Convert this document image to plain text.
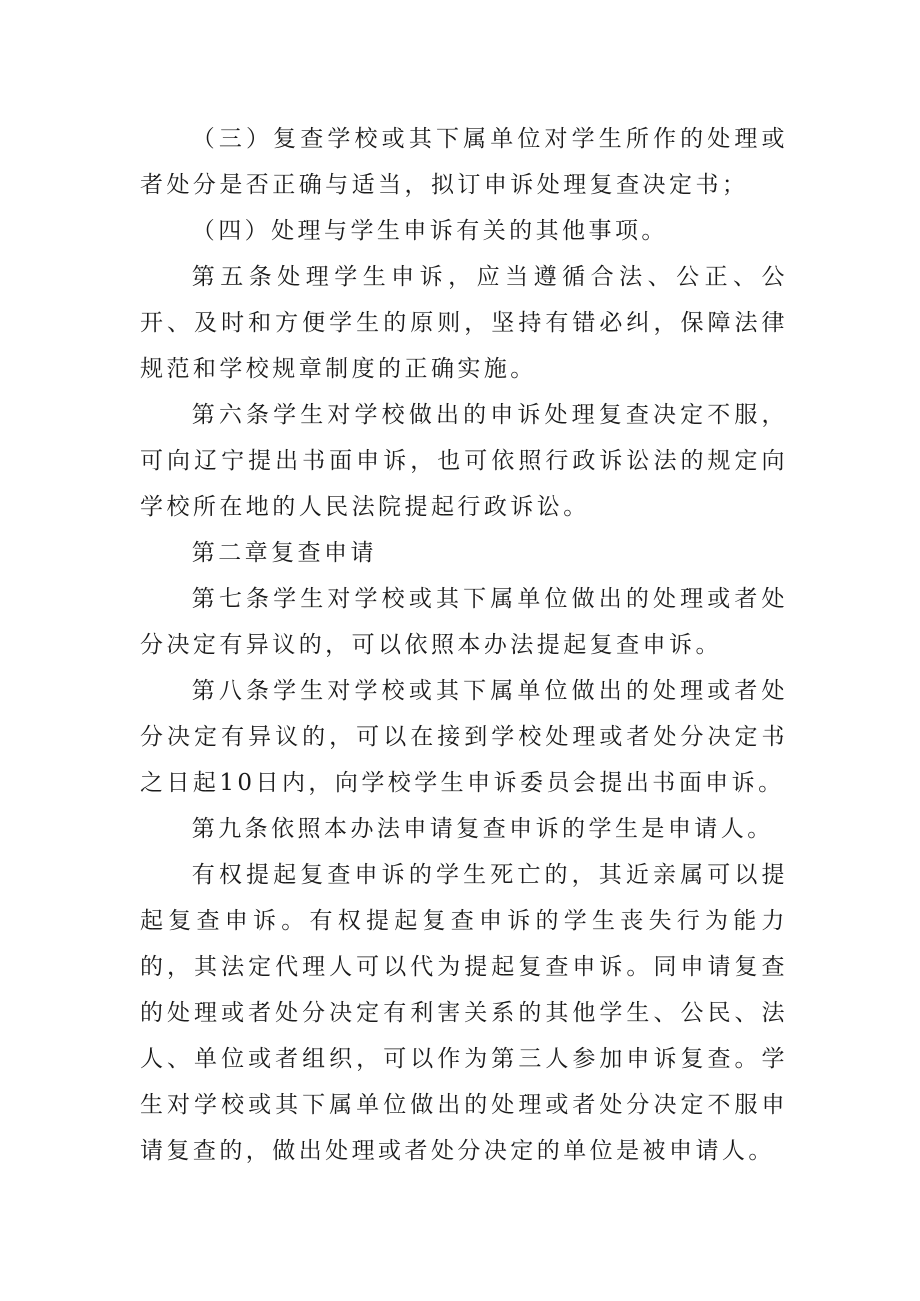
（三）复查学校或其下属单位对学生所作的处理或者处分是否正确与适当，拟订申诉处理复查决定书；

（四）处理与学生申诉有关的其他事项。

第五条处理学生申诉，应当遵循合法、公正、公开、及时和方便学生的原则，坚持有错必纠，保障法律规范和学校规章制度的正确实施。

第六条学生对学校做出的申诉处理复查决定不服，可向辽宁提出书面申诉，也可依照行政诉讼法的规定向学校所在地的人民法院提起行政诉讼。

第二章复查申请

第七条学生对学校或其下属单位做出的处理或者处分决定有异议的，可以依照本办法提起复查申诉。

第八条学生对学校或其下属单位做出的处理或者处分决定有异议的，可以在接到学校处理或者处分决定书之日起10日内，向学校学生申诉委员会提出书面申诉。

第九条依照本办法申请复查申诉的学生是申请人。

有权提起复查申诉的学生死亡的，其近亲属可以提起复查申诉。有权提起复查申诉的学生丧失行为能力的，其法定代理人可以代为提起复查申诉。同申请复查的处理或者处分决定有利害关系的其他学生、公民、法人、单位或者组织，可以作为第三人参加申诉复查。学生对学校或其下属单位做出的处理或者处分决定不服申请复查的，做出处理或者处分决定的单位是被申请人。
